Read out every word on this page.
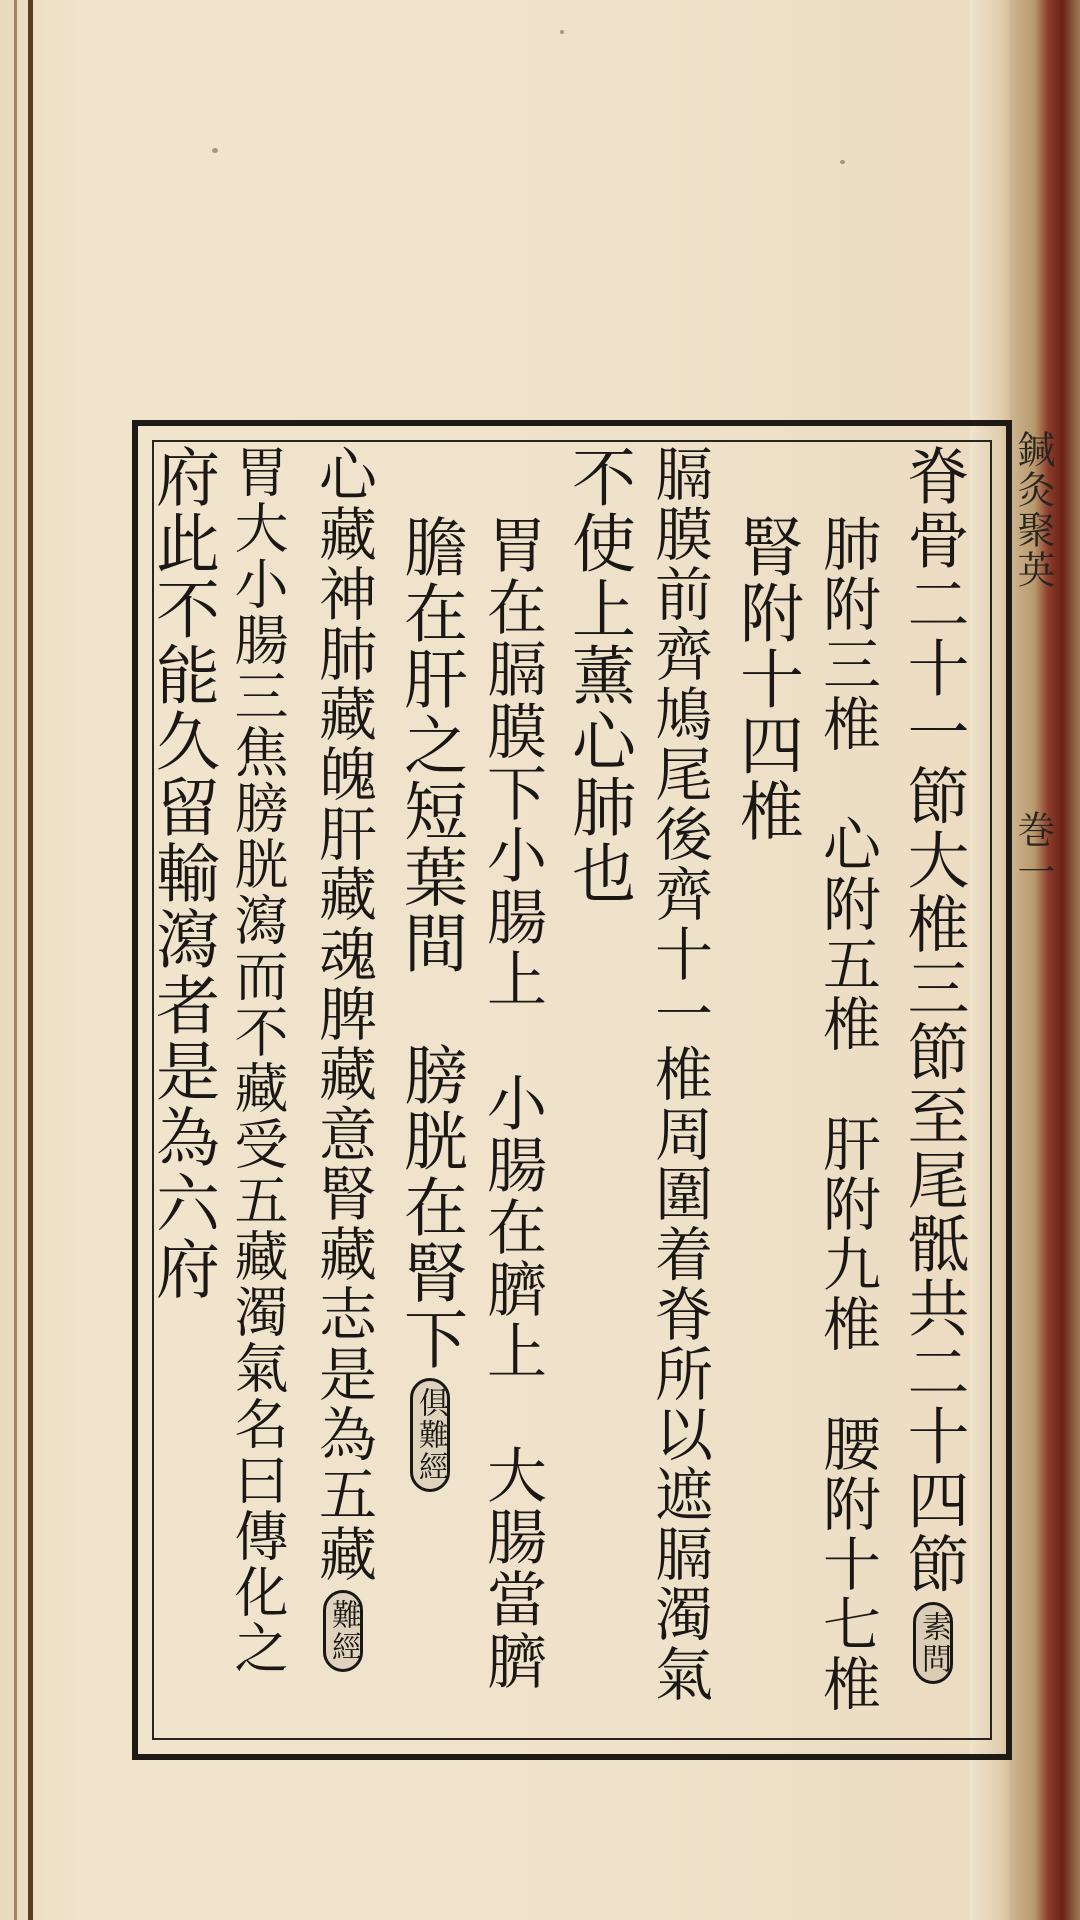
鍼灸聚英
巻一
脊骨二十一節大椎三節至尾骶共二十四節素問
肺附三椎　心附五椎　肝附九椎　腰附十七椎
腎附十四椎
膈膜前齊鳩尾後齊十一椎周圍着脊所以遮膈濁氣
不使上薰心肺也
胃在膈膜下小腸上　小腸在臍上　大腸當臍
膽在肝之短葉間　膀胱在腎下俱難經
心藏神肺藏魄肝藏魂脾藏意腎藏志是為五藏難經
胃大小腸三焦膀胱瀉而不藏受五藏濁氣名曰傳化之
府此不能久留輸瀉者是為六府
